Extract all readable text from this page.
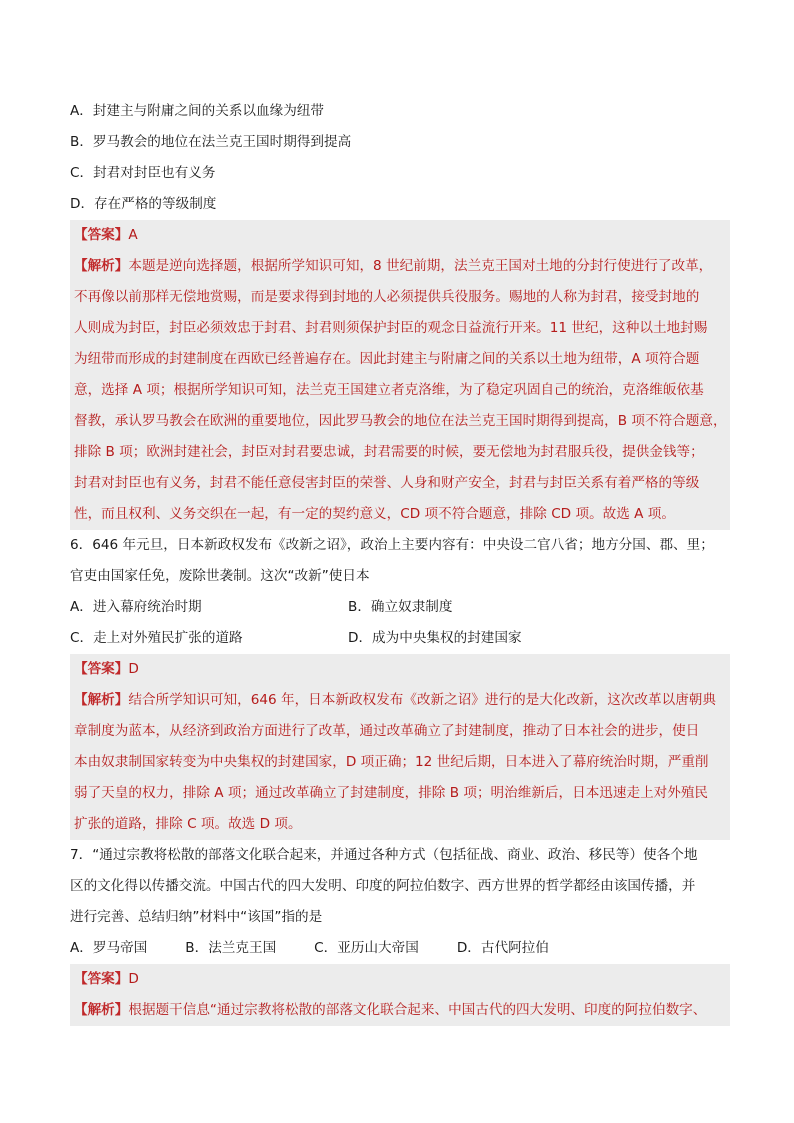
A．封建主与附庸之间的关系以血缘为纽带
B．罗马教会的地位在法兰克王国时期得到提高
C．封君对封臣也有义务
D．存在严格的等级制度
【答案】A
【解析】本题是逆向选择题，根据所学知识可知，8 世纪前期，法兰克王国对土地的分封行使进行了改革，
不再像以前那样无偿地赏赐，而是要求得到封地的人必须提供兵役服务。赐地的人称为封君，接受封地的
人则成为封臣，封臣必须效忠于封君、封君则须保护封臣的观念日益流行开来。11 世纪，这种以土地封赐
为纽带而形成的封建制度在西欧已经普遍存在。因此封建主与附庸之间的关系以土地为纽带，A 项符合题
意，选择 A 项；根据所学知识可知，法兰克王国建立者克洛维，为了稳定巩固自己的统治，克洛维皈依基
督教，承认罗马教会在欧洲的重要地位，因此罗马教会的地位在法兰克王国时期得到提高，B 项不符合题意，
排除 B 项；欧洲封建社会，封臣对封君要忠诚，封君需要的时候，要无偿地为封君服兵役，提供金钱等；
封君对封臣也有义务，封君不能任意侵害封臣的荣誉、人身和财产安全，封君与封臣关系有着严格的等级
性，而且权利、义务交织在一起，有一定的契约意义，CD 项不符合题意，排除 CD 项。故选 A 项。
6．646 年元旦，日本新政权发布《改新之诏》，政治上主要内容有：中央设二官八省；地方分国、郡、里；
官吏由国家任免，废除世袭制。这次“改新”使日本
A．进入幕府统治时期	B．确立奴隶制度
C．走上对外殖民扩张的道路	D．成为中央集权的封建国家
【答案】D
【解析】结合所学知识可知，646 年，日本新政权发布《改新之诏》进行的是大化改新，这次改革以唐朝典
章制度为蓝本，从经济到政治方面进行了改革，通过改革确立了封建制度，推动了日本社会的进步，使日
本由奴隶制国家转变为中央集权的封建国家，D 项正确；12 世纪后期，日本进入了幕府统治时期，严重削
弱了天皇的权力，排除 A 项；通过改革确立了封建制度，排除 B 项；明治维新后，日本迅速走上对外殖民
扩张的道路，排除 C 项。故选 D 项。
7．“通过宗教将松散的部落文化联合起来，并通过各种方式（包括征战、商业、政治、移民等）使各个地
区的文化得以传播交流。中国古代的四大发明、印度的阿拉伯数字、西方世界的哲学都经由该国传播，并
进行完善、总结归纳”材料中“该国”指的是
A．罗马帝国	B．法兰克王国	C．亚历山大帝国	D．古代阿拉伯
【答案】D
【解析】根据题干信息“通过宗教将松散的部落文化联合起来、中国古代的四大发明、印度的阿拉伯数字、
